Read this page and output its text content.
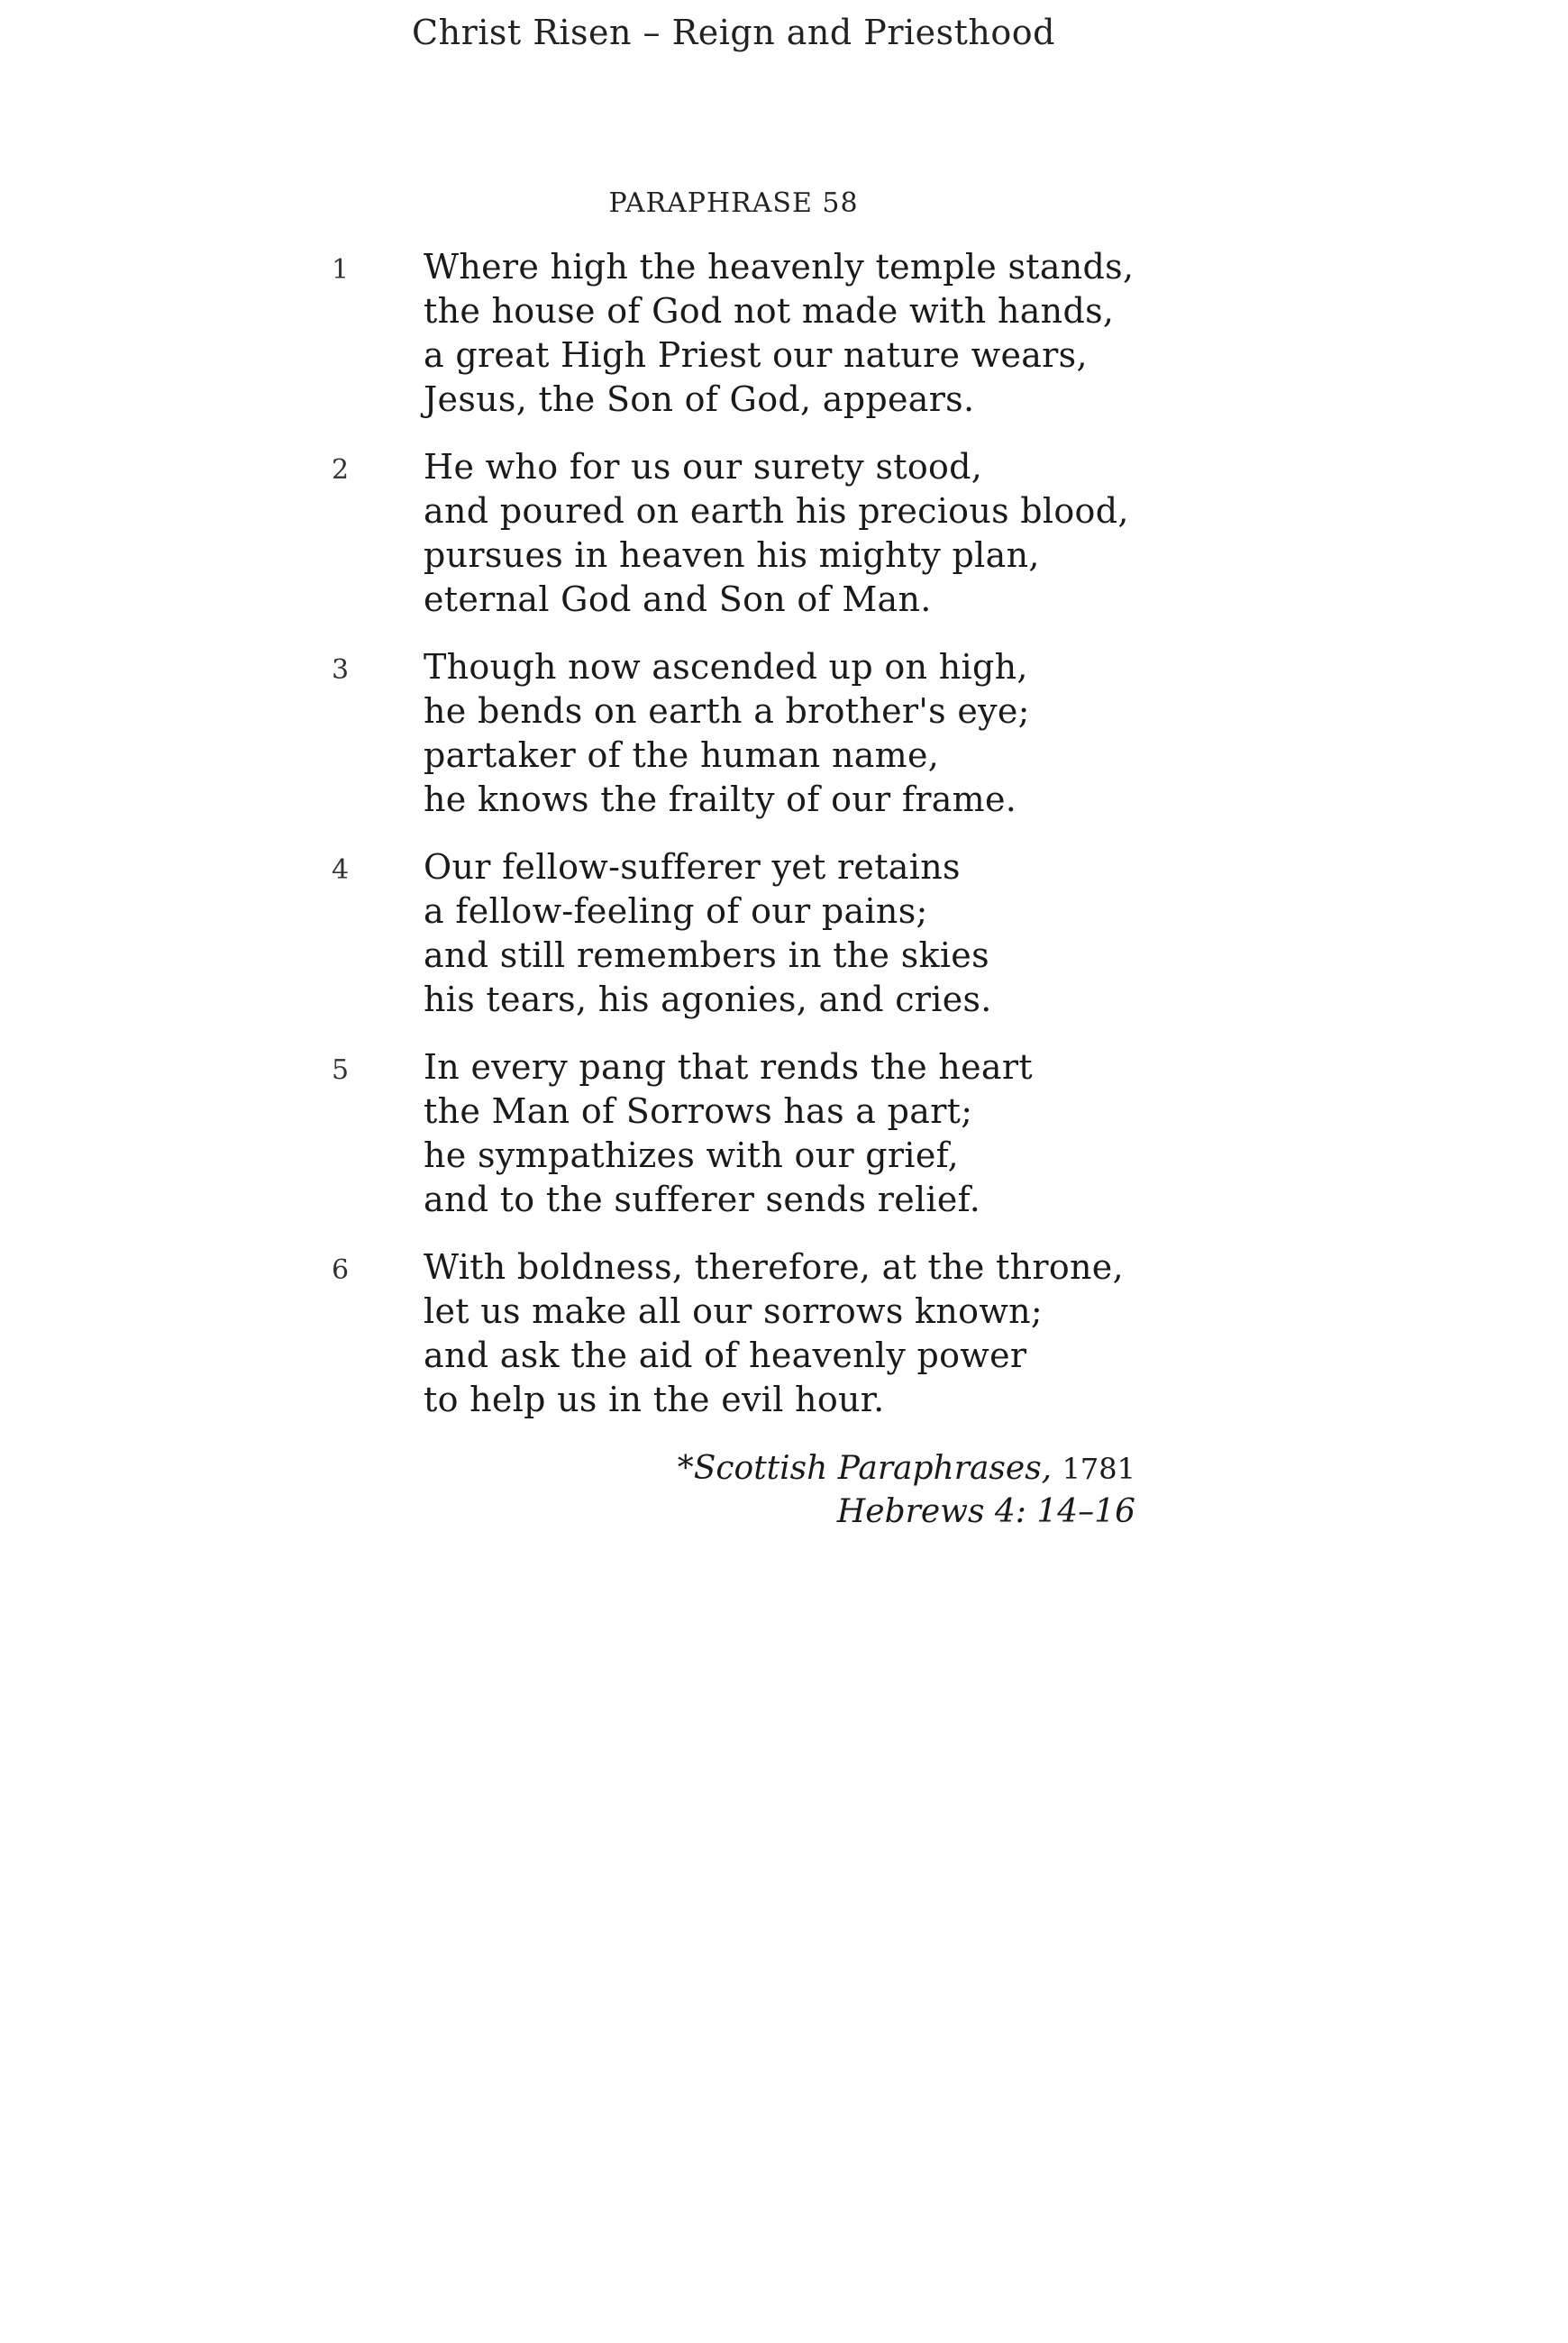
Christ Risen – Reign and Priesthood
PARAPHRASE 58
1 Where high the heavenly temple stands,
the house of God not made with hands,
a great High Priest our nature wears,
Jesus, the Son of God, appears.
2 He who for us our surety stood,
and poured on earth his precious blood,
pursues in heaven his mighty plan,
eternal God and Son of Man.
3 Though now ascended up on high,
he bends on earth a brother's eye;
partaker of the human name,
he knows the frailty of our frame.
4 Our fellow-sufferer yet retains
a fellow-feeling of our pains;
and still remembers in the skies
his tears, his agonies, and cries.
5 In every pang that rends the heart
the Man of Sorrows has a part;
he sympathizes with our grief,
and to the sufferer sends relief.
6 With boldness, therefore, at the throne,
let us make all our sorrows known;
and ask the aid of heavenly power
to help us in the evil hour.
*Scottish Paraphrases, 1781
Hebrews 4: 14–16
